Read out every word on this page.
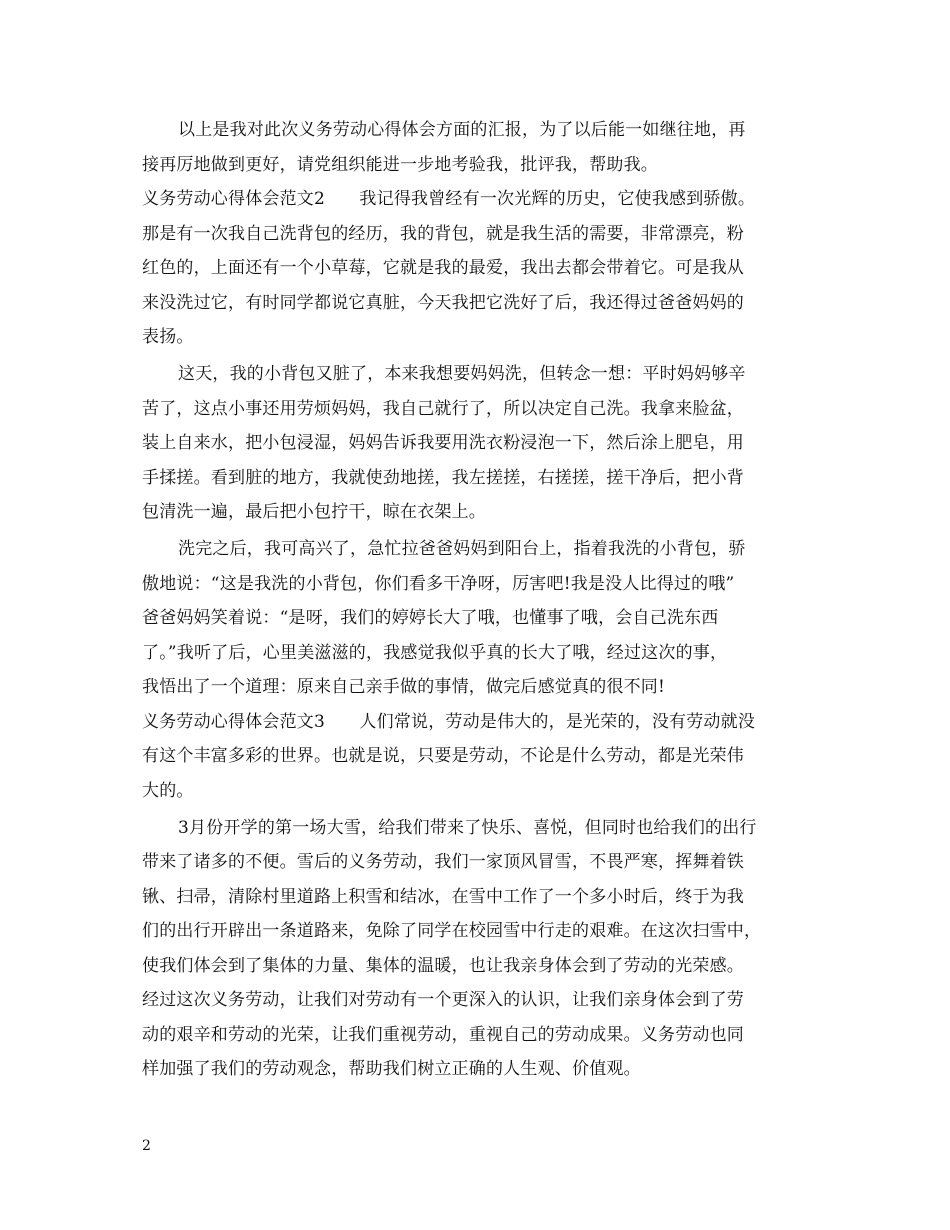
以上是我对此次义务劳动心得体会方面的汇报，为了以后能一如继往地，再
接再厉地做到更好，请党组织能进一步地考验我，批评我，帮助我。
义务劳动心得体会范文2　　我记得我曾经有一次光辉的历史，它使我感到骄傲。
那是有一次我自己洗背包的经历，我的背包，就是我生活的需要，非常漂亮，粉
红色的，上面还有一个小草莓，它就是我的最爱，我出去都会带着它。可是我从
来没洗过它，有时同学都说它真脏，今天我把它洗好了后，我还得过爸爸妈妈的
表扬。
这天，我的小背包又脏了，本来我想要妈妈洗，但转念一想：平时妈妈够辛
苦了，这点小事还用劳烦妈妈，我自己就行了，所以决定自己洗。我拿来脸盆，
装上自来水，把小包浸湿，妈妈告诉我要用洗衣粉浸泡一下，然后涂上肥皂，用
手揉搓。看到脏的地方，我就使劲地搓，我左搓搓，右搓搓，搓干净后，把小背
包清洗一遍，最后把小包拧干，晾在衣架上。
洗完之后，我可高兴了，急忙拉爸爸妈妈到阳台上，指着我洗的小背包，骄
傲地说：“这是我洗的小背包，你们看多干净呀，厉害吧!我是没人比得过的哦”
爸爸妈妈笑着说：“是呀，我们的婷婷长大了哦，也懂事了哦，会自己洗东西
了。”我听了后，心里美滋滋的，我感觉我似乎真的长大了哦，经过这次的事，
我悟出了一个道理：原来自己亲手做的事情，做完后感觉真的很不同!
义务劳动心得体会范文3　　人们常说，劳动是伟大的，是光荣的，没有劳动就没
有这个丰富多彩的世界。也就是说，只要是劳动，不论是什么劳动，都是光荣伟
大的。
3月份开学的第一场大雪，给我们带来了快乐、喜悦，但同时也给我们的出行
带来了诸多的不便。雪后的义务劳动，我们一家顶风冒雪，不畏严寒，挥舞着铁
锹、扫帚，清除村里道路上积雪和结冰，在雪中工作了一个多小时后，终于为我
们的出行开辟出一条道路来，免除了同学在校园雪中行走的艰难。在这次扫雪中，
使我们体会到了集体的力量、集体的温暖，也让我亲身体会到了劳动的光荣感。
经过这次义务劳动，让我们对劳动有一个更深入的认识，让我们亲身体会到了劳
动的艰辛和劳动的光荣，让我们重视劳动，重视自己的劳动成果。义务劳动也同
样加强了我们的劳动观念，帮助我们树立正确的人生观、价值观。
2
